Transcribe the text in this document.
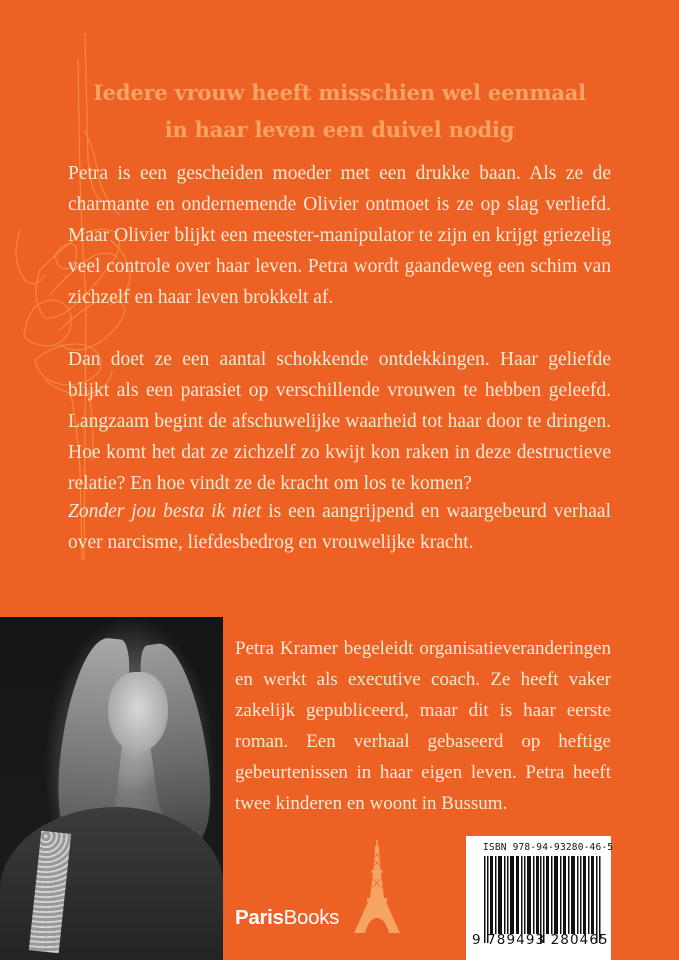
Iedere vrouw heeft misschien wel eenmaal
in haar leven een duivel nodig

Petra is een gescheiden moeder met een drukke baan. Als ze de charmante en ondernemende Olivier ontmoet is ze op slag verliefd. Maar Olivier blijkt een meester-manipulator te zijn en krijgt griezelig veel controle over haar leven. Petra wordt gaandeweg een schim van zichzelf en haar leven brokkelt af.

Dan doet ze een aantal schokkende ontdekkingen. Haar geliefde blijkt als een parasiet op verschillende vrouwen te hebben geleefd. Langzaam begint de afschuwelijke waarheid tot haar door te dringen. Hoe komt het dat ze zichzelf zo kwijt kon raken in deze destructieve relatie? En hoe vindt ze de kracht om los te komen?

Zonder jou besta ik niet is een aangrijpend en waargebeurd verhaal over narcisme, liefdesbedrog en vrouwelijke kracht.

Petra Kramer begeleidt organisatieveranderingen en werkt als executive coach. Ze heeft vaker zakelijk gepubliceerd, maar dit is haar eerste roman. Een verhaal gebaseerd op heftige gebeurtenissen in haar eigen leven. Petra heeft twee kinderen en woont in Bussum.

ParisBooks
ISBN 978-94-93280-46-5
9 789493 280465
